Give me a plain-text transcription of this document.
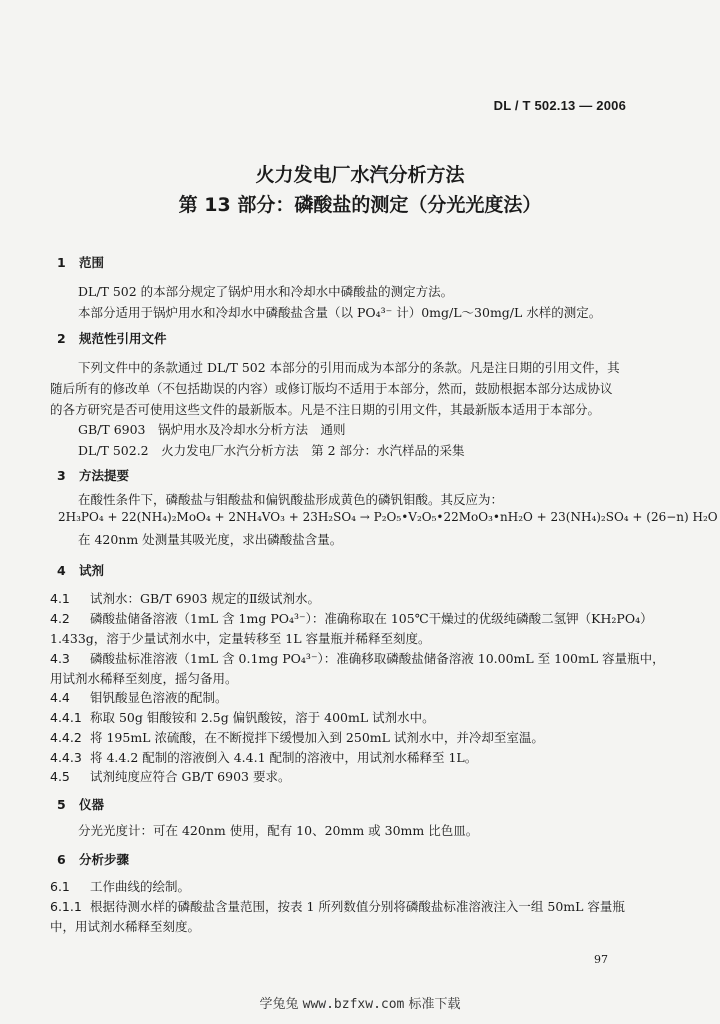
DL / T 502.13 — 2006
火力发电厂水汽分析方法
第 13 部分：磷酸盐的测定（分光光度法）
1 范围
DL/T 502 的本部分规定了锅炉用水和冷却水中磷酸盐的测定方法。
本部分适用于锅炉用水和冷却水中磷酸盐含量（以 PO₄³⁻ 计）0mg/L～30mg/L 水样的测定。
2 规范性引用文件
下列文件中的条款通过 DL/T 502 本部分的引用而成为本部分的条款。凡是注日期的引用文件，其
随后所有的修改单（不包括勘误的内容）或修订版均不适用于本部分，然而，鼓励根据本部分达成协议
的各方研究是否可使用这些文件的最新版本。凡是不注日期的引用文件，其最新版本适用于本部分。
GB/T 6903　锅炉用水及冷却水分析方法　通则
DL/T 502.2　火力发电厂水汽分析方法　第 2 部分：水汽样品的采集
3 方法提要
在酸性条件下，磷酸盐与钼酸盐和偏钒酸盐形成黄色的磷钒钼酸。其反应为：
2H₃PO₄ + 22(NH₄)₂MoO₄ + 2NH₄VO₃ + 23H₂SO₄ → P₂O₅•V₂O₅•22MoO₃•nH₂O + 23(NH₄)₂SO₄ + (26−n) H₂O
在 420nm 处测量其吸光度，求出磷酸盐含量。
4 试剂
4.1 试剂水：GB/T 6903 规定的Ⅱ级试剂水。
4.2 磷酸盐储备溶液（1mL 含 1mg PO₄³⁻）：准确称取在 105℃干燥过的优级纯磷酸二氢钾（KH₂PO₄）
1.433g，溶于少量试剂水中，定量转移至 1L 容量瓶并稀释至刻度。
4.3 磷酸盐标准溶液（1mL 含 0.1mg PO₄³⁻）：准确移取磷酸盐储备溶液 10.00mL 至 100mL 容量瓶中，
用试剂水稀释至刻度，摇匀备用。
4.4 钼钒酸显色溶液的配制。
4.4.1 称取 50g 钼酸铵和 2.5g 偏钒酸铵，溶于 400mL 试剂水中。
4.4.2 将 195mL 浓硫酸，在不断搅拌下缓慢加入到 250mL 试剂水中，并冷却至室温。
4.4.3 将 4.4.2 配制的溶液倒入 4.4.1 配制的溶液中，用试剂水稀释至 1L。
4.5 试剂纯度应符合 GB/T 6903 要求。
5 仪器
分光光度计：可在 420nm 使用，配有 10、20mm 或 30mm 比色皿。
6 分析步骤
6.1 工作曲线的绘制。
6.1.1 根据待测水样的磷酸盐含量范围，按表 1 所列数值分别将磷酸盐标准溶液注入一组 50mL 容量瓶
中，用试剂水稀释至刻度。
97
学兔兔 www.bzfxw.com 标准下载
